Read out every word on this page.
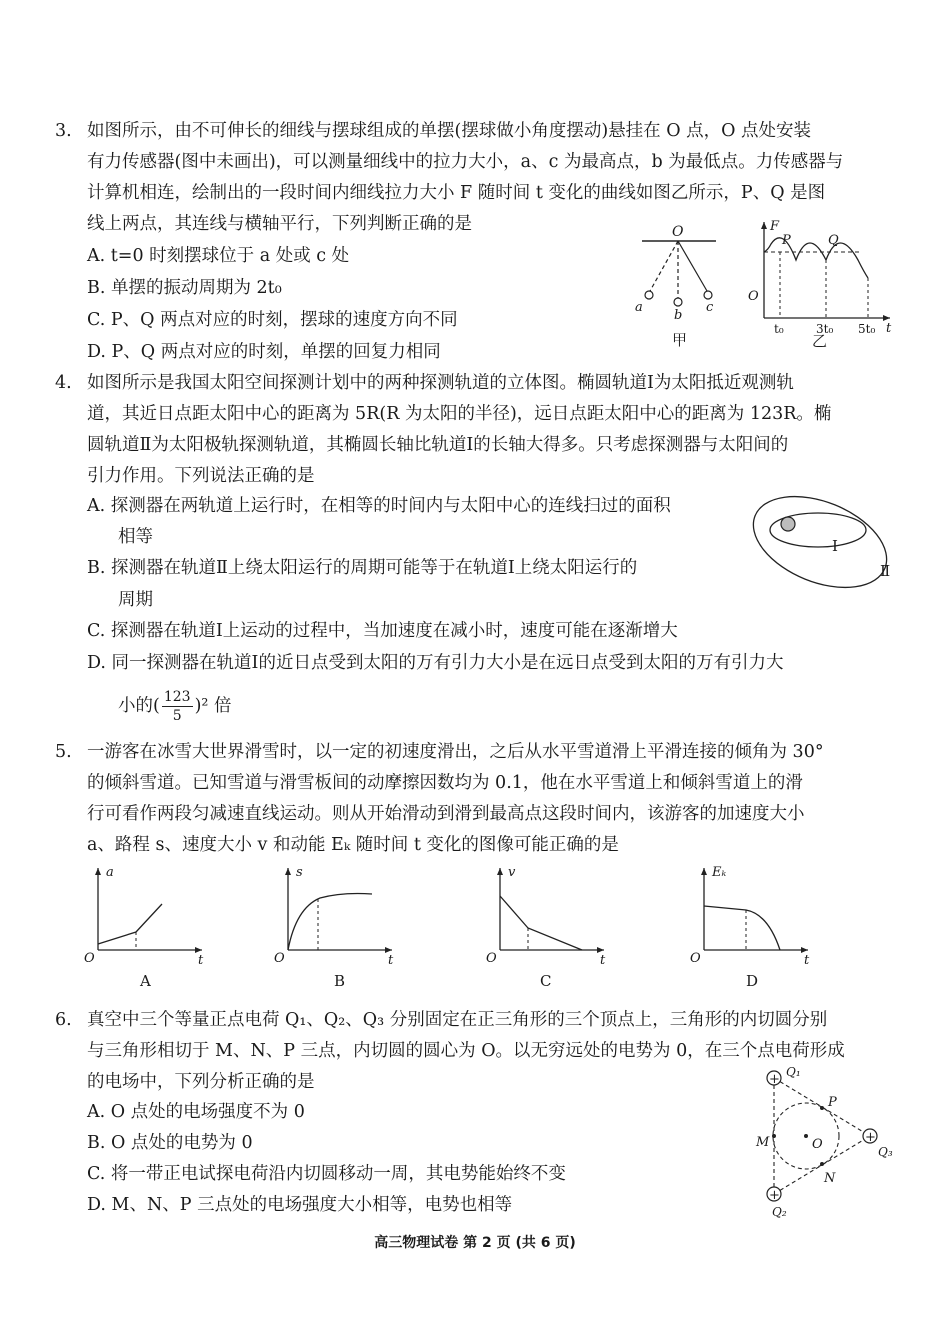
3. 如图所示，由不可伸长的细线与摆球组成的单摆(摆球做小角度摆动)悬挂在 O 点，O 点处安装
有力传感器(图中未画出)，可以测量细线中的拉力大小，a、c 为最高点，b 为最低点。力传感器与
计算机相连，绘制出的一段时间内细线拉力大小 F 随时间 t 变化的曲线如图乙所示，P、Q 是图
线上两点，其连线与横轴平行，下列判断正确的是
A. t=0 时刻摆球位于 a 处或 c 处
B. 单摆的振动周期为 2t₀
C. P、Q 两点对应的时刻，摆球的速度方向不同
D. P、Q 两点对应的时刻，单摆的回复力相同
O
a
b
c
甲
F
t
O
P	Q
t₀	3t₀ 5t₀
乙
4. 如图所示是我国太阳空间探测计划中的两种探测轨道的立体图。椭圆轨道Ⅰ为太阳抵近观测轨
道，其近日点距太阳中心的距离为 5R(R 为太阳的半径)，远日点距太阳中心的距离为 123R。椭
圆轨道Ⅱ为太阳极轨探测轨道，其椭圆长轴比轨道Ⅰ的长轴大得多。只考虑探测器与太阳间的
引力作用。下列说法正确的是
A. 探测器在两轨道上运行时，在相等的时间内与太阳中心的连线扫过的面积
相等
B. 探测器在轨道Ⅱ上绕太阳运行的周期可能等于在轨道Ⅰ上绕太阳运行的
周期
C. 探测器在轨道Ⅰ上运动的过程中，当加速度在减小时，速度可能在逐渐增大
D. 同一探测器在轨道Ⅰ的近日点受到太阳的万有引力大小是在远日点受到太阳的万有引力大
小的( $\frac{123}{5} )^2$ 倍
Ⅰ
Ⅱ
5. 一游客在冰雪大世界滑雪时，以一定的初速度滑出，之后从水平雪道滑上平滑连接的倾角为 30°
的倾斜雪道。已知雪道与滑雪板间的动摩擦因数均为 0.1，他在水平雪道上和倾斜雪道上的滑
行可看作两段匀减速直线运动。则从开始滑动到滑到最高点这段时间内，该游客的加速度大小
a、路程 s、速度大小 v 和动能 Eₖ 随时间 t 变化的图像可能正确的是
a
t
O
A
s
t
O
B
v
t
O
C
Eₖ
t
O
D
6. 真空中三个等量正点电荷 Q₁、Q₂、Q₃ 分别固定在正三角形的三个顶点上，三角形的内切圆分别
与三角形相切于 M、N、P 三点，内切圆的圆心为 O。以无穷远处的电势为 0，在三个点电荷形成
的电场中，下列分析正确的是
A. O 点处的电场强度不为 0
B. O 点处的电势为 0
C. 将一带正电试探电荷沿内切圆移动一周，其电势能始终不变
D. M、N、P 三点处的电场强度大小相等，电势也相等
+
+
+
Q₁
Q₂
Q₃
M	O
P
N
高三物理试卷 第 2 页 (共 6 页)
